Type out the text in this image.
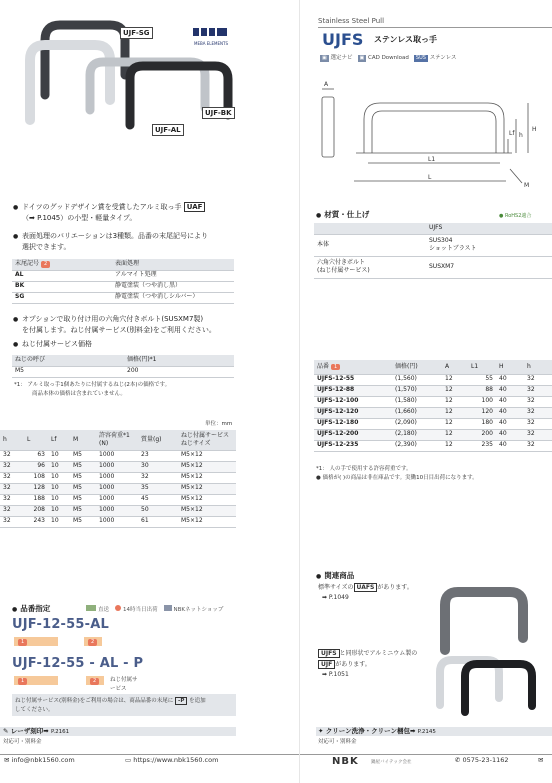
UJF-SG
UJF-BK
UJF-AL
MEBA ELEMENTS
● ドイツのグッドデザイン賞を受賞したアルミ取っ手 UAF
（➡ P.1045）の小型・軽量タイプ。
● 表面処理のバリエーションは3種類。品番の末尾記号により
選択できます。
末尾記号 2	表面処理
AL	アルマイト処理
BK	静電塗装（つや消し黒）
SG	静電塗装（つや消しシルバー）
● オプションで取り付け用の六角穴付きボルト(SUSXM7製)
を付属します。ねじ付属サービス(別料金)をご利用ください。
● ねじ付属サービス価格
ねじの呼び	価格(円)*1
M5	200
*1： アルミ取っ手1個あたりに付属するねじ(2本)の価格です。
商品本体の価格は含まれていません。
単位：mm
h	L	Lf	M	許容荷重*1 (N)	質量(g)	ねじ付属サービス ねじサイズ
32	63	10	M5	1000	23	M5×12
32	96	10	M5	1000	30	M5×12
32	108	10	M5	1000	32	M5×12
32	128	10	M5	1000	35	M5×12
32	188	10	M5	1000	45	M5×12
32	208	10	M5	1000	50	M5×12
32	243	10	M5	1000	61	M5×12
● 品番指定	直送	14時当日出荷	NBKネットショップ
UJF-12-55-AL
1	2
UJF-12-55 - AL - P
1	2	ねじ付属サービス
ねじ付属サービス(別料金)をご利用の場合は、商品品番の末尾に -P を追加
してください。
✎ レーザ刻印➡ P.2161
対応可・別料金
✉ info@nbk1560.com	▭ https://www.nbk1560.com
Stainless Steel Pull
UJFS ステンレス取っ手
▣ 選定ナビ	▣ CAD Download	SUS ステンレス
A
H
h
Lf
L1
L
M
● 材質・仕上げ	● RoHS2適合
	UJFS
本体	SUS304
ショットブラスト

六角穴付きボルト
(ねじ付属サービス)	SUSXM7
品番 1	価格(円)	A	L1	H	h
UJFS-12-55	(1,560)	12	55	40	32
UJFS-12-88	(1,570)	12	88	40	32
UJFS-12-100	(1,580)	12	100	40	32
UJFS-12-120	(1,660)	12	120	40	32
UJFS-12-180	(2,090)	12	180	40	32
UJFS-12-200	(2,180)	12	200	40	32
UJFS-12-235	(2,390)	12	235	40	32
*1： 人の手で使用する許容荷重です。
● 価格が( )の商品は非在庫品です。実働10日目出荷になります。
● 関連商品
標準サイズの UAFS があります。
➡ P.1049
UJFS と同形状でアルミニウム製の
UJF があります。
➡ P.1051
✦ クリーン洗浄・クリーン梱包➡ P.2145
対応可・別料金
NBK	鍋屋バイテック会社	✆ 0575-23-1162	✉
